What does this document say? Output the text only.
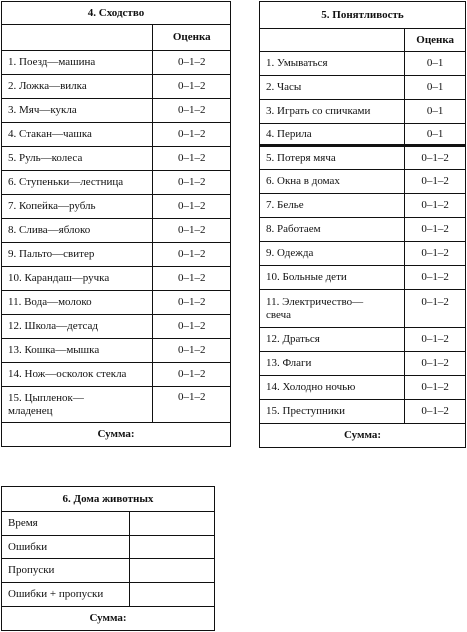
4. Сходство	
	Оценка
1. Поезд—машина	0–1–2
2. Ложка—вилка	0–1–2
3. Мяч—кукла	0–1–2
4. Стакан—чашка	0–1–2
5. Руль—колеса	0–1–2
6. Ступеньки—лестница	0–1–2
7. Копейка—рубль	0–1–2
8. Слива—яблоко	0–1–2
9. Пальто—свитер	0–1–2
10. Карандаш—ручка	0–1–2
11. Вода—молоко	0–1–2
12. Школа—детсад	0–1–2
13. Кошка—мышка	0–1–2
14. Нож—осколок стекла	0–1–2
15. Цыпленок—младенец	0–1–2
Сумма:	
5. Понятливость	
	Оценка
1. Умываться	0–1
2. Часы	0–1
3. Играть со спичками	0–1
4. Перила	0–1
5. Потеря мяча	0–1–2
6. Окна в домах	0–1–2
7. Белье	0–1–2
8. Работаем	0–1–2
9. Одежда	0–1–2
10. Больные дети	0–1–2
11. Электричество—свеча	0–1–2
12. Драться	0–1–2
13. Флаги	0–1–2
14. Холодно ночью	0–1–2
15. Преступники	0–1–2
Сумма:	
6. Дома животных	
Время	
Ошибки	
Пропуски	
Ошибки + пропуски	
Сумма:	
